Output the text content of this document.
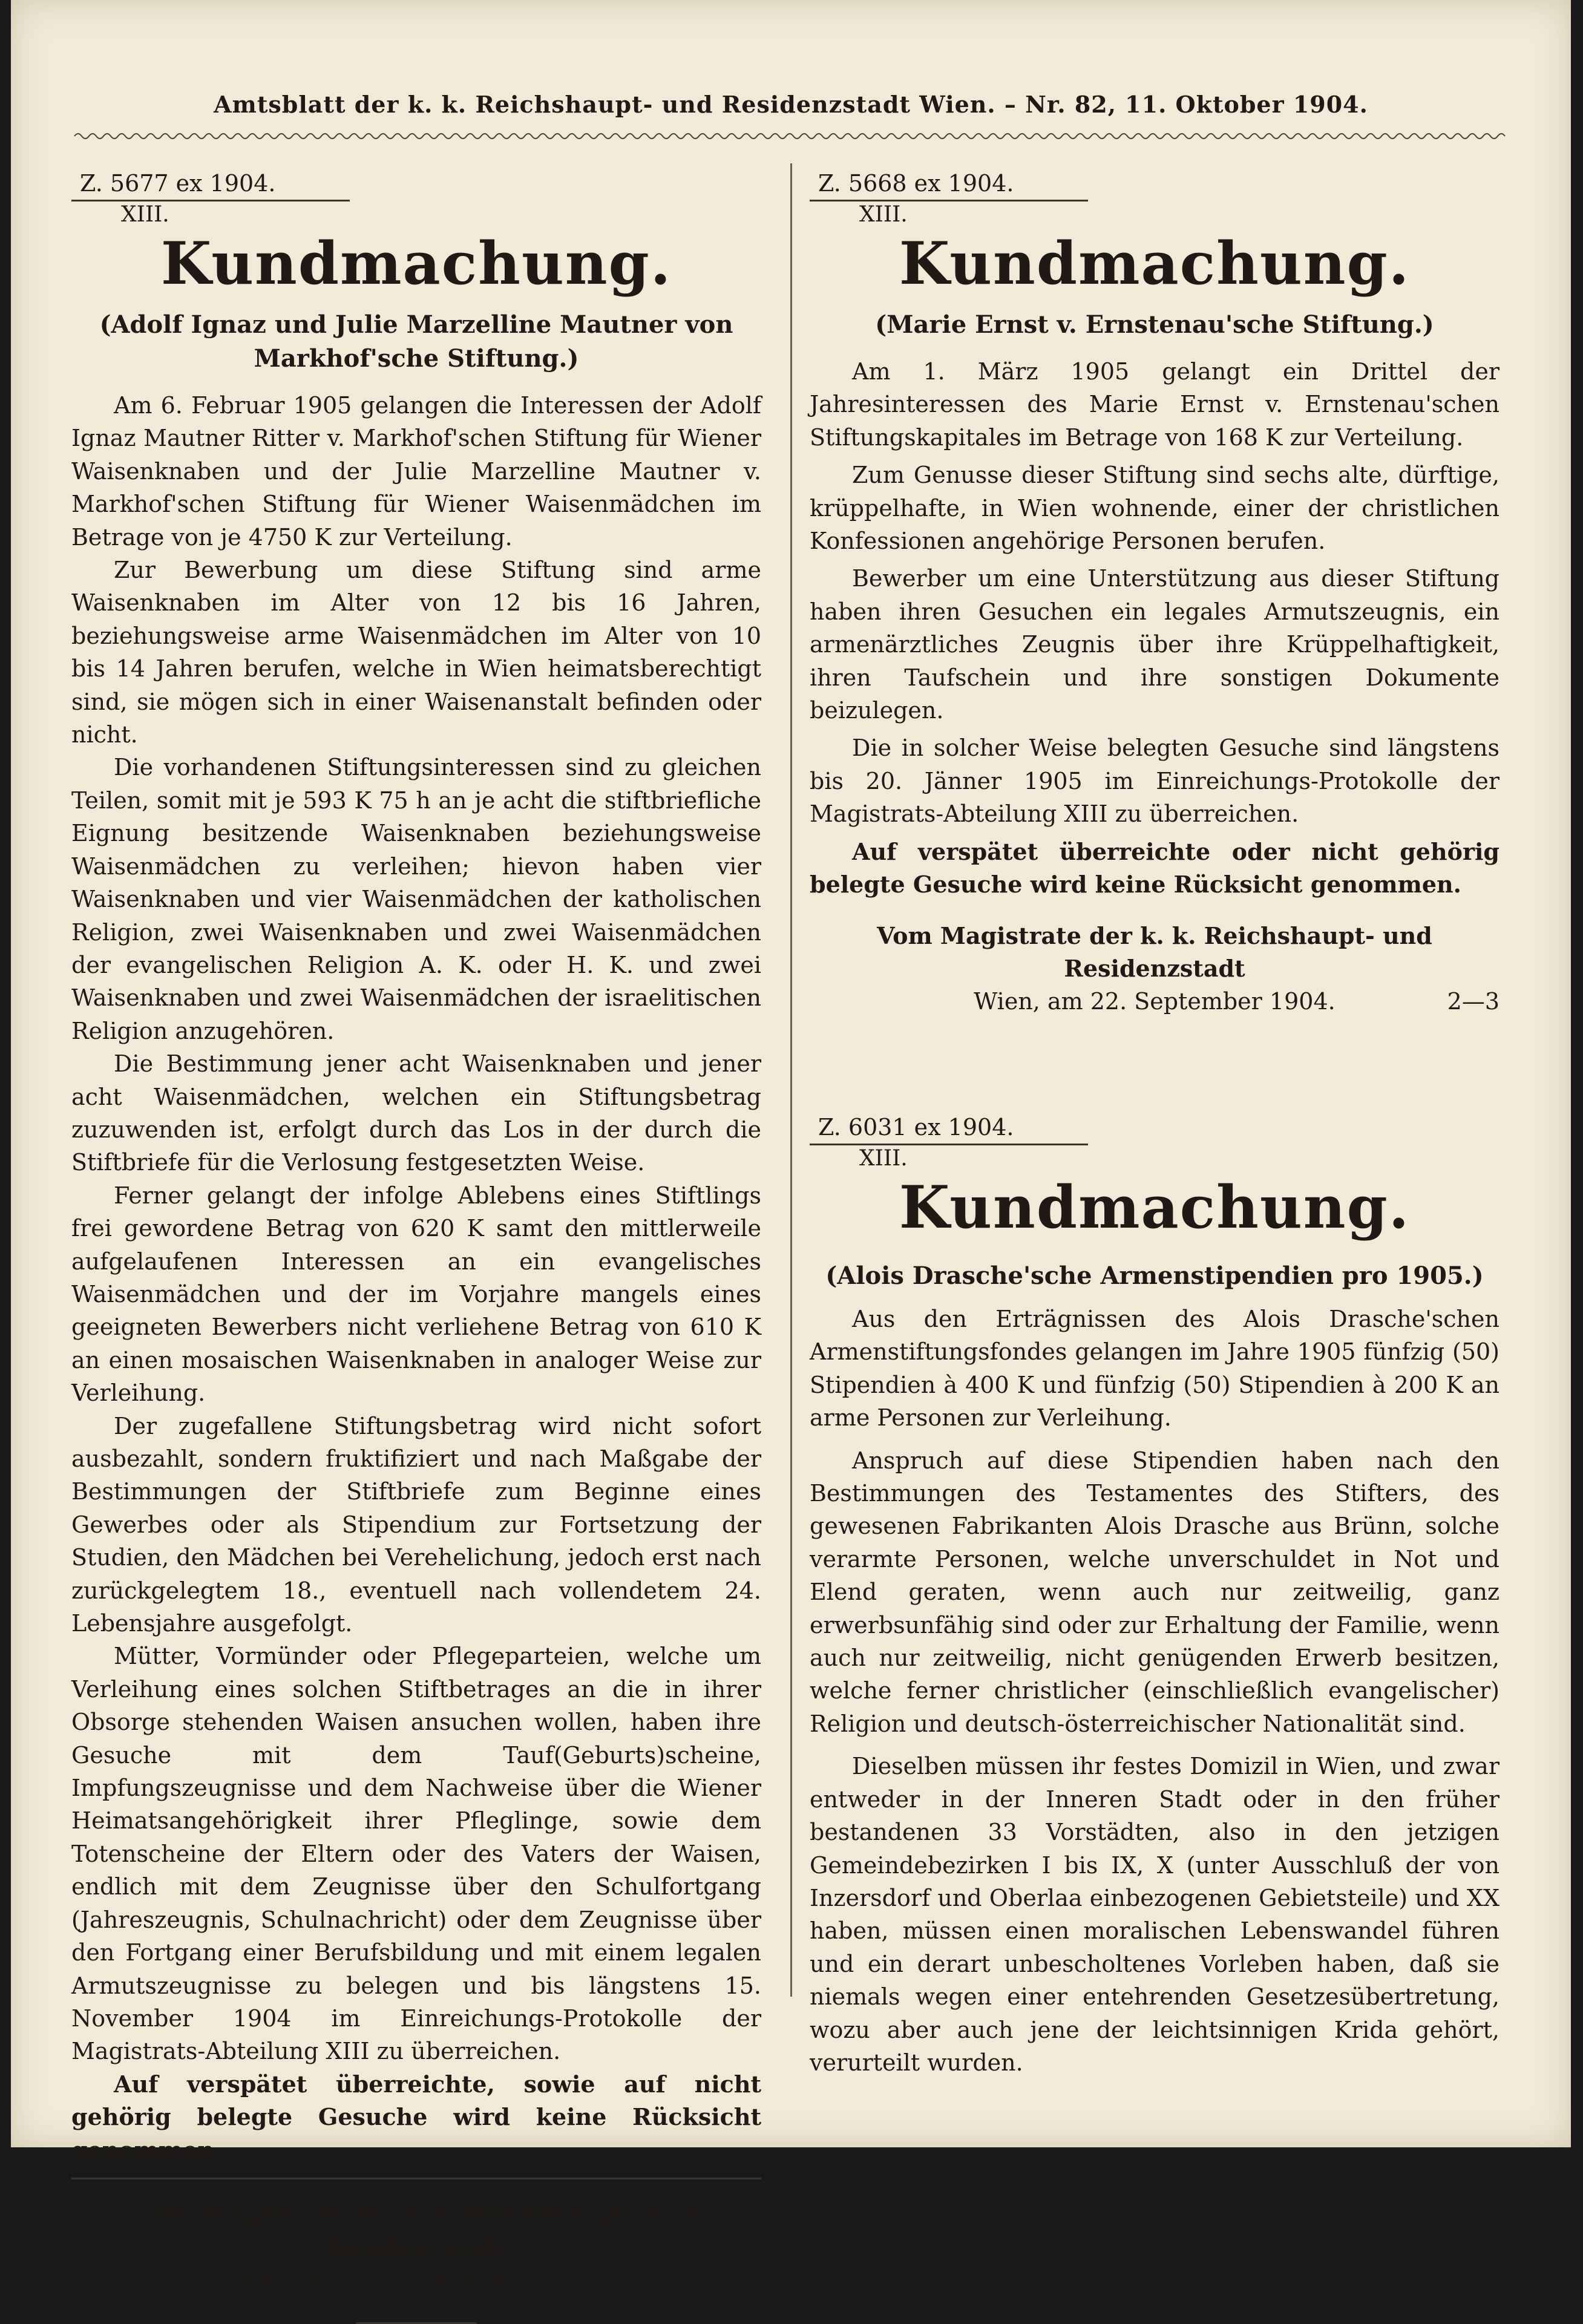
Amtsblatt der k. k. Reichshaupt- und Residenzstadt Wien. – Nr. 82, 11. Oktober 1904.
Z. 5677 ex 1904.
XIII.
Kundmachung.
(Adolf Ignaz und Julie Marzelline Mautner von Markhof'sche Stiftung.)

Am 6. Februar 1905 gelangen die Interessen der Adolf Ignaz Mautner Ritter v. Markhof'schen Stiftung für Wiener Waisenknaben und der Julie Marzelline Mautner v. Markhof'schen Stiftung für Wiener Waisenmädchen im Betrage von je 4750 K zur Verteilung.

Zur Bewerbung um diese Stiftung sind arme Waisenknaben im Alter von 12 bis 16 Jahren, beziehungsweise arme Waisenmädchen im Alter von 10 bis 14 Jahren berufen, welche in Wien heimatsberechtigt sind, sie mögen sich in einer Waisenanstalt befinden oder nicht.

Die vorhandenen Stiftungsinteressen sind zu gleichen Teilen, somit mit je 593 K 75 h an je acht die stiftbriefliche Eignung besitzende Waisenknaben beziehungsweise Waisenmädchen zu verleihen; hievon haben vier Waisenknaben und vier Waisenmädchen der katholischen Religion, zwei Waisenknaben und zwei Waisenmädchen der evangelischen Religion A. K. oder H. K. und zwei Waisenknaben und zwei Waisenmädchen der israelitischen Religion anzugehören.

Die Bestimmung jener acht Waisenknaben und jener acht Waisenmädchen, welchen ein Stiftungsbetrag zuzuwenden ist, erfolgt durch das Los in der durch die Stiftbriefe für die Verlosung festgesetzten Weise.

Ferner gelangt der infolge Ablebens eines Stiftlings frei gewordene Betrag von 620 K samt den mittlerweile aufgelaufenen Interessen an ein evangelisches Waisenmädchen und der im Vorjahre mangels eines geeigneten Bewerbers nicht verliehene Betrag von 610 K an einen mosaischen Waisenknaben in analoger Weise zur Verleihung.

Der zugefallene Stiftungsbetrag wird nicht sofort ausbezahlt, sondern fruktifiziert und nach Maßgabe der Bestimmungen der Stiftbriefe zum Beginne eines Gewerbes oder als Stipendium zur Fortsetzung der Studien, den Mädchen bei Verehelichung, jedoch erst nach zurückgelegtem 18., eventuell nach vollendetem 24. Lebensjahre ausgefolgt.

Mütter, Vormünder oder Pflegeparteien, welche um Verleihung eines solchen Stiftbetrages an die in ihrer Obsorge stehenden Waisen ansuchen wollen, haben ihre Gesuche mit dem Tauf(Geburts)scheine, Impfungszeugnisse und dem Nachweise über die Wiener Heimatsangehörigkeit ihrer Pfleglinge, sowie dem Totenscheine der Eltern oder des Vaters der Waisen, endlich mit dem Zeugnisse über den Schulfortgang (Jahreszeugnis, Schulnachricht) oder dem Zeugnisse über den Fortgang einer Berufsbildung und mit einem legalen Armutszeugnisse zu belegen und bis längstens 15. November 1904 im Einreichungs-Protokolle der Magistrats-Abteilung XIII zu überreichen.

Auf verspätet überreichte, sowie auf nicht gehörig belegte Gesuche wird keine Rücksicht genommen.

Vom Magistrate der k. k. Reichshaupt- und Residenzstadt
Wien, am 20. September 1904.	3—3
Z. 5668 ex 1904.
XIII.
Kundmachung.
(Marie Ernst v. Ernstenau'sche Stiftung.)

Am 1. März 1905 gelangt ein Drittel der Jahresinteressen des Marie Ernst v. Ernstenau'schen Stiftungskapitales im Betrage von 168 K zur Verteilung.

Zum Genusse dieser Stiftung sind sechs alte, dürftige, krüppelhafte, in Wien wohnende, einer der christlichen Konfessionen angehörige Personen berufen.

Bewerber um eine Unterstützung aus dieser Stiftung haben ihren Gesuchen ein legales Armutszeugnis, ein armenärztliches Zeugnis über ihre Krüppelhaftigkeit, ihren Taufschein und ihre sonstigen Dokumente beizulegen.

Die in solcher Weise belegten Gesuche sind längstens bis 20. Jänner 1905 im Einreichungs-Protokolle der Magistrats-Abteilung XIII zu überreichen.

Auf verspätet überreichte oder nicht gehörig belegte Gesuche wird keine Rücksicht genommen.

Vom Magistrate der k. k. Reichshaupt- und Residenzstadt
Wien, am 22. September 1904.	2—3
Z. 6031 ex 1904.
XIII.
Kundmachung.
(Alois Drasche'sche Armenstipendien pro 1905.)

Aus den Erträgnissen des Alois Drasche'schen Armenstiftungsfondes gelangen im Jahre 1905 fünfzig (50) Stipendien à 400 K und fünfzig (50) Stipendien à 200 K an arme Personen zur Verleihung.

Anspruch auf diese Stipendien haben nach den Bestimmungen des Testamentes des Stifters, des gewesenen Fabrikanten Alois Drasche aus Brünn, solche verarmte Personen, welche unverschuldet in Not und Elend geraten, wenn auch nur zeitweilig, ganz erwerbsunfähig sind oder zur Erhaltung der Familie, wenn auch nur zeitweilig, nicht genügenden Erwerb besitzen, welche ferner christlicher (einschließlich evangelischer) Religion und deutsch-österreichischer Nationalität sind.

Dieselben müssen ihr festes Domizil in Wien, und zwar entweder in der Inneren Stadt oder in den früher bestandenen 33 Vorstädten, also in den jetzigen Gemeindebezirken I bis IX, X (unter Ausschluß der von Inzersdorf und Oberlaa einbezogenen Gebietsteile) und XX haben, müssen einen moralischen Lebenswandel führen und ein derart unbescholtenes Vorleben haben, daß sie niemals wegen einer entehrenden Gesetzesübertretung, wozu aber auch jene der leichtsinnigen Krida gehört, verurteilt wurden.
